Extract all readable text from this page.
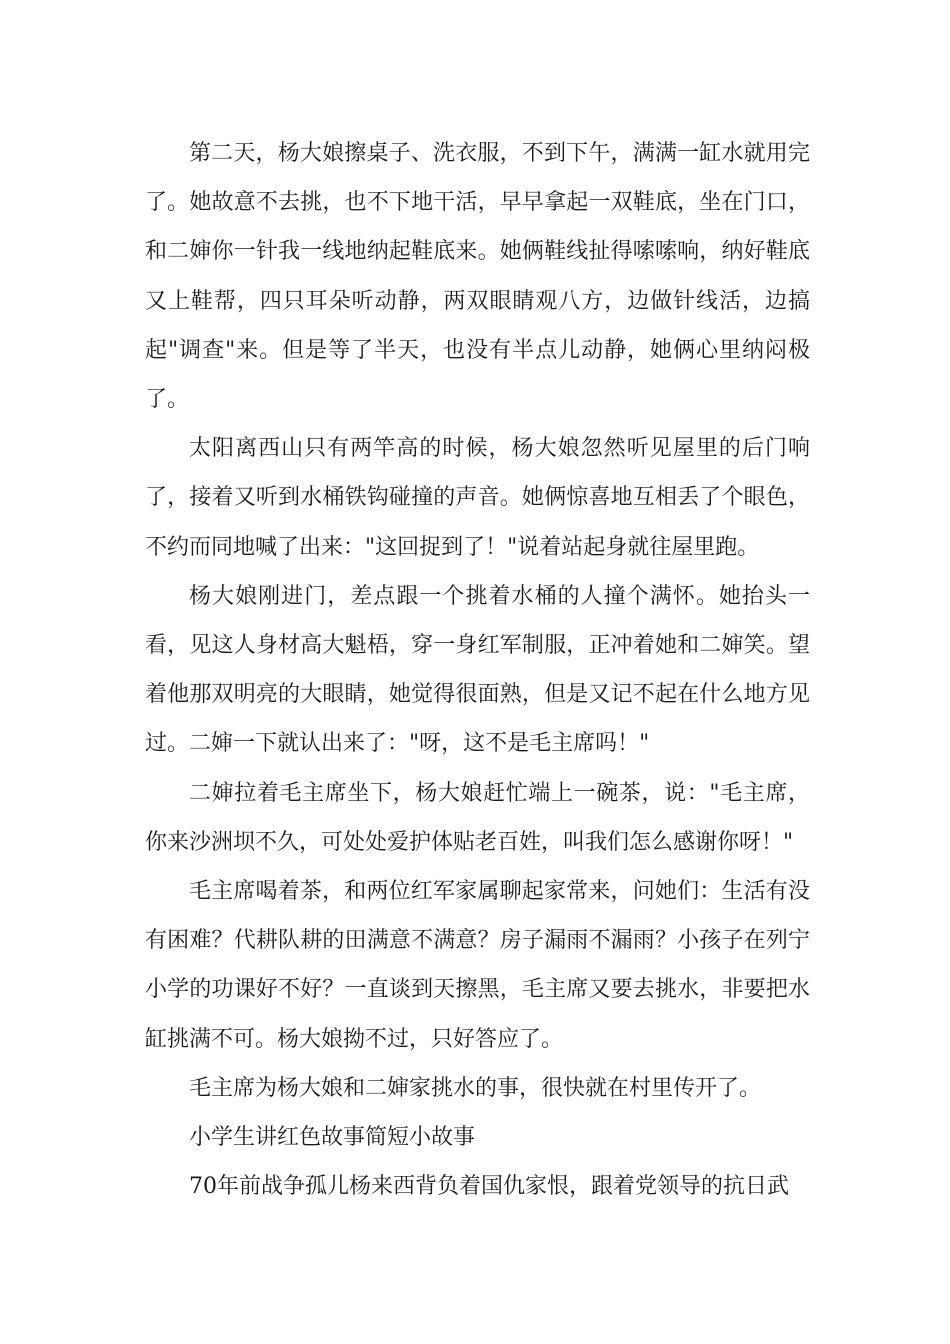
第二天，杨大娘擦桌子、洗衣服，不到下午，满满一缸水就用完了。她故意不去挑，也不下地干活，早早拿起一双鞋底，坐在门口，和二婶你一针我一线地纳起鞋底来。她俩鞋线扯得嗦嗦响，纳好鞋底又上鞋帮，四只耳朵听动静，两双眼睛观八方，边做针线活，边搞起"调查"来。但是等了半天，也没有半点儿动静，她俩心里纳闷极了。

太阳离西山只有两竿高的时候，杨大娘忽然听见屋里的后门响了，接着又听到水桶铁钩碰撞的声音。她俩惊喜地互相丢了个眼色，不约而同地喊了出来："这回捉到了！"说着站起身就往屋里跑。

杨大娘刚进门，差点跟一个挑着水桶的人撞个满怀。她抬头一看，见这人身材高大魁梧，穿一身红军制服，正冲着她和二婶笑。望着他那双明亮的大眼睛，她觉得很面熟，但是又记不起在什么地方见过。二婶一下就认出来了："呀，这不是毛主席吗！"

二婶拉着毛主席坐下，杨大娘赶忙端上一碗茶，说："毛主席，你来沙洲坝不久，可处处爱护体贴老百姓，叫我们怎么感谢你呀！"

毛主席喝着茶，和两位红军家属聊起家常来，问她们：生活有没有困难？代耕队耕的田满意不满意？房子漏雨不漏雨？小孩子在列宁小学的功课好不好？一直谈到天擦黑，毛主席又要去挑水，非要把水缸挑满不可。杨大娘拗不过，只好答应了。

毛主席为杨大娘和二婶家挑水的事，很快就在村里传开了。

小学生讲红色故事简短小故事

70年前战争孤儿杨来西背负着国仇家恨，跟着党领导的抗日武
